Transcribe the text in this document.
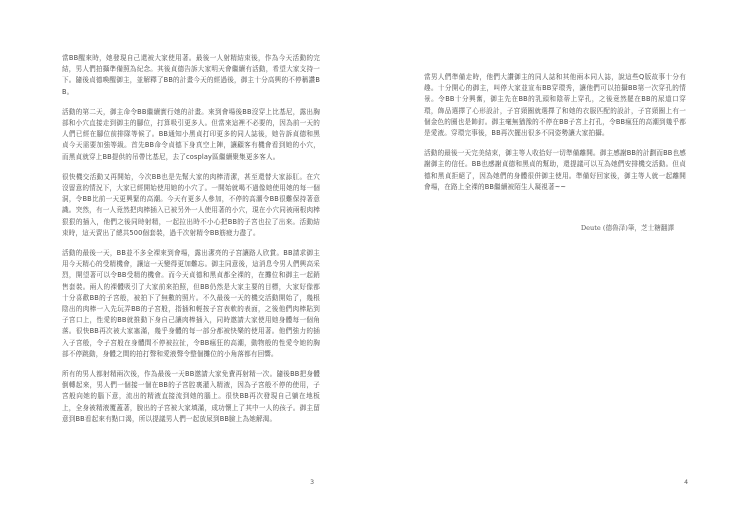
當BB醒來時，她發現自己還被大家使用著。最後一人射精結束後，作為今天活動的完結，男人們拍攝準備照為紀念。其後貞德告訴大家明天會繼續有活動，希望大家支持一下。隨後貞德喚醒御主，並解釋了BB的計畫今天的經過後，御主十分高興的不停稱讚BB。

活動的第二天，御主命令BB繼續實行她的計畫。來到會場後BB沒穿上比基尼，露出胸部和小穴直接走到御主的腳位，打算吸引更多人。但當來這裡不必要的，因為前一天的人們已經在腳位前排隊等候了。BB通知小黑貞打印更多的同人誌後，她告訴貞德和黑貞今天需要加強等級。首先BB命令貞德下身真空上陣，讓顧客有機會看到她的小穴，而黑貞就穿上BB提供的吊帶比基尼，去了cosplay區繼續聚集更多客人。

很快機交活動又再開始，今次BB也是先幫大家的肉棒清潔，甚至還替大家舔肛。在穴沒留意的情況下，大家已經開始使用她的小穴了。一開始就喝不過像她使用她的每一個洞，令BB比前一天更興緊的高潮。今天有更多人參加，不停的高潮令BB很難保持著意識。突然，有一人竟然把肉棒插入已被另外一人使用著的小穴，現在小穴同被兩根肉棒狠狠的插入，他們之後同時射精，一起拉出時不小心把BB的子宮也拉了出來。活動結束時，這天賣出了總共500個套裝，過千次射精令BB筋疲力盡了。

活動的最後一天，BB並不多全裸來到會場，露出潔亮的子宮讓路人欣賞。BB請求御主用今天精心的受精機會，讓這一天變得更加難忘。御主同意後，這消息令男人們興高采烈，開望著可以令BB受精的機會。而今天貞德和黑貞都全裸的，在攤位和御主一起銷售套裝。兩人的裸體吸引了大家前來拍照，但BB仍然是大家主要的目標，大家好像都十分喜歡BB的子宮般，被拍下了無數的照片。不久最後一天的機交活動開始了，幾根陰出的肉棒一入先玩弄BB的子宮般，指插和輕按子宮表軟的表面，之後他們肉棒貼到子宮口上，性愛的BB就推動下身自己讓肉棒插入，同時邀請大家使用她身體每一個角落。很快BB再次被大家塞滿，幾乎身體的每一部分都被快樂的使用著。他們強力的插入子宮般，令子宮般在身體間不停被拉扯，令BB瘋狂的高潮，動物般的性愛令她的胸部不停跳動，身體之間的拍打聲和愛液聲令整個攤位的小角落都有回響。

所有的男人都射精兩次後，作為最後一天BB邀請大家免費再射精一次。隨後BB把身體倒轉起來，男人們一個接一個在BB的子宮腔裏灌入精液，因為子宮般不停的使用，子宮般向她的腦下意，流出的精液直接流到她的腦上。很快BB再次發現自己躺在地板上，全身被精液覆蓋著，脫出的子宮被大家填滿，成功懷上了其中一人的孩子。御主留意到BB看起來有點口渴，所以提議男人們一起放尿到BB臉上為她解渴。

3

當男人們準備走時，他們大讚御主的同人誌和其他兩本同人誌，說這些Q版故事十分有趣。十分開心的御主，叫停大家並宣布BB穿環秀，讓他們可以拍攝BB第一次穿孔的情景。令BB十分興奮，御主先在BB的乳頭和陰蒂上穿孔，之後竟然罷在BB的尿道口穿環，飾品選擇了心形設計，子宮頸圈就選擇了和她的衣服匹配的設計，子宮頸圈上有一個金色的圈也是飾釘。御主毫無猶豫的不停在BB子宮上打孔，令BB瘋狂的高潮到幾乎都是愛液。穿環完事後，BB再次擺出很多不同姿勢讓大家拍攝。

活動的最後一天完美結束，御主等人收拾好一切準備離開。御主感謝BB的計劃而BB也感謝御主的信任。BB也感謝貞德和黑貞的幫助，還提議可以互為她們安排機交活動。但貞德和黑貞拒絕了，因為她們的身體很併御主使用。準備好回家後，御主等人就一起離開會場，在路上全裸的BB繼續被陌生人凝視著~~

Deute (德魯泽)筆，芝士糖翻譯
4
